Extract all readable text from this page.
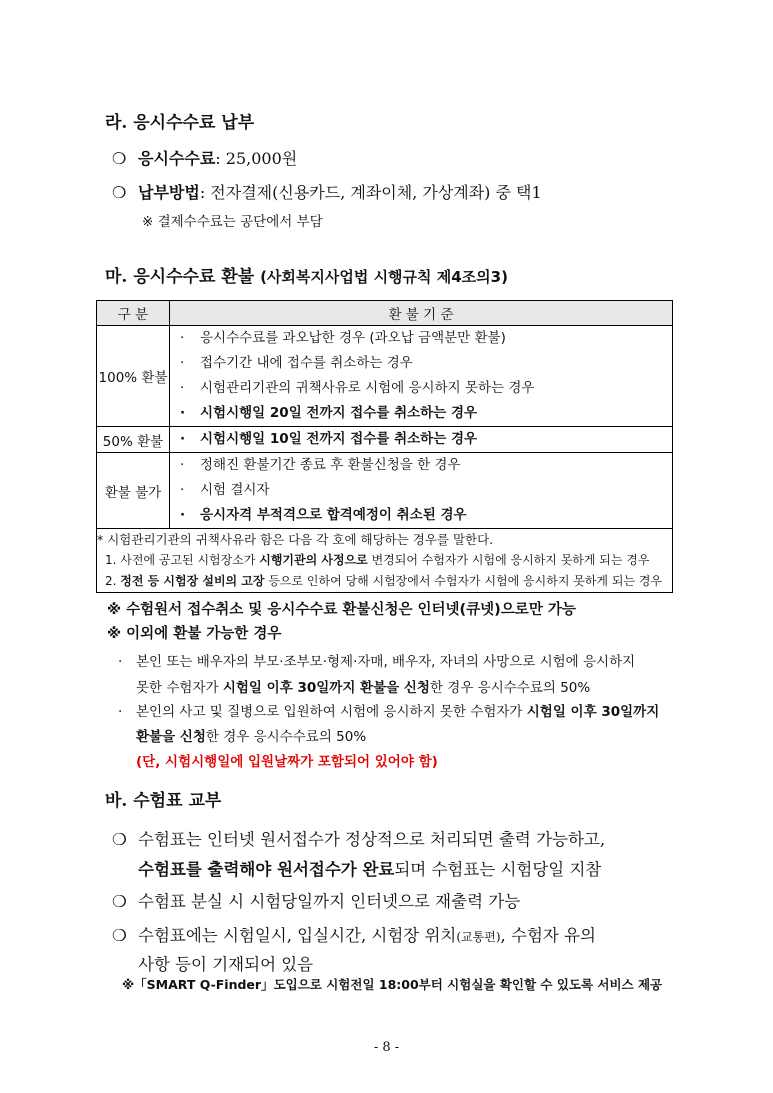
라. 응시수수료 납부
❍ 응시수수료: 25,000원
❍ 납부방법: 전자결제(신용카드, 계좌이체, 가상계좌) 중 택1
※ 결제수수료는 공단에서 부담
마. 응시수수료 환불 (사회복지사업법 시행규칙 제4조의3)
구 분	환 불 기 준
100% 환불	· 응시수수료를 과오납한 경우 (과오납 금액분만 환불)
· 접수기간 내에 접수를 취소하는 경우
· 시험관리기관의 귀책사유로 시험에 응시하지 못하는 경우
· 시험시행일 20일 전까지 접수를 취소하는 경우

50% 환불	· 시험시행일 10일 전까지 접수를 취소하는 경우

환불 불가	· 정해진 환불기간 종료 후 환불신청을 한 경우
· 시험 결시자
· 응시자격 부적격으로 합격예정이 취소된 경우

* 시험관리기관의 귀책사유라 함은 다음 각 호에 해당하는 경우를 말한다.
1. 사전에 공고된 시험장소가 시행기관의 사정으로 변경되어 수험자가 시험에 응시하지 못하게 되는 경우
2. 정전 등 시험장 설비의 고장 등으로 인하여 당해 시험장에서 수험자가 시험에 응시하지 못하게 되는 경우	
※ 수험원서 접수취소 및 응시수수료 환불신청은 인터넷(큐넷)으로만 가능
※ 이외에 환불 가능한 경우
· 본인 또는 배우자의 부모·조부모·형제·자매, 배우자, 자녀의 사망으로 시험에 응시하지
못한 수험자가 시험일 이후 30일까지 환불을 신청한 경우 응시수수료의 50%
· 본인의 사고 및 질병으로 입원하여 시험에 응시하지 못한 수험자가 시험일 이후 30일까지
환불을 신청한 경우 응시수수료의 50%
(단, 시험시행일에 입원날짜가 포함되어 있어야 함)
바. 수험표 교부
❍ 수험표는 인터넷 원서접수가 정상적으로 처리되면 출력 가능하고,
수험표를 출력해야 원서접수가 완료되며 수험표는 시험당일 지참
❍ 수험표 분실 시 시험당일까지 인터넷으로 재출력 가능
❍ 수험표에는 시험일시, 입실시간, 시험장 위치(교통편), 수험자 유의
사항 등이 기재되어 있음
※「SMART Q-Finder」도입으로 시험전일 18:00부터 시험실을 확인할 수 있도록 서비스 제공
- 8 -
